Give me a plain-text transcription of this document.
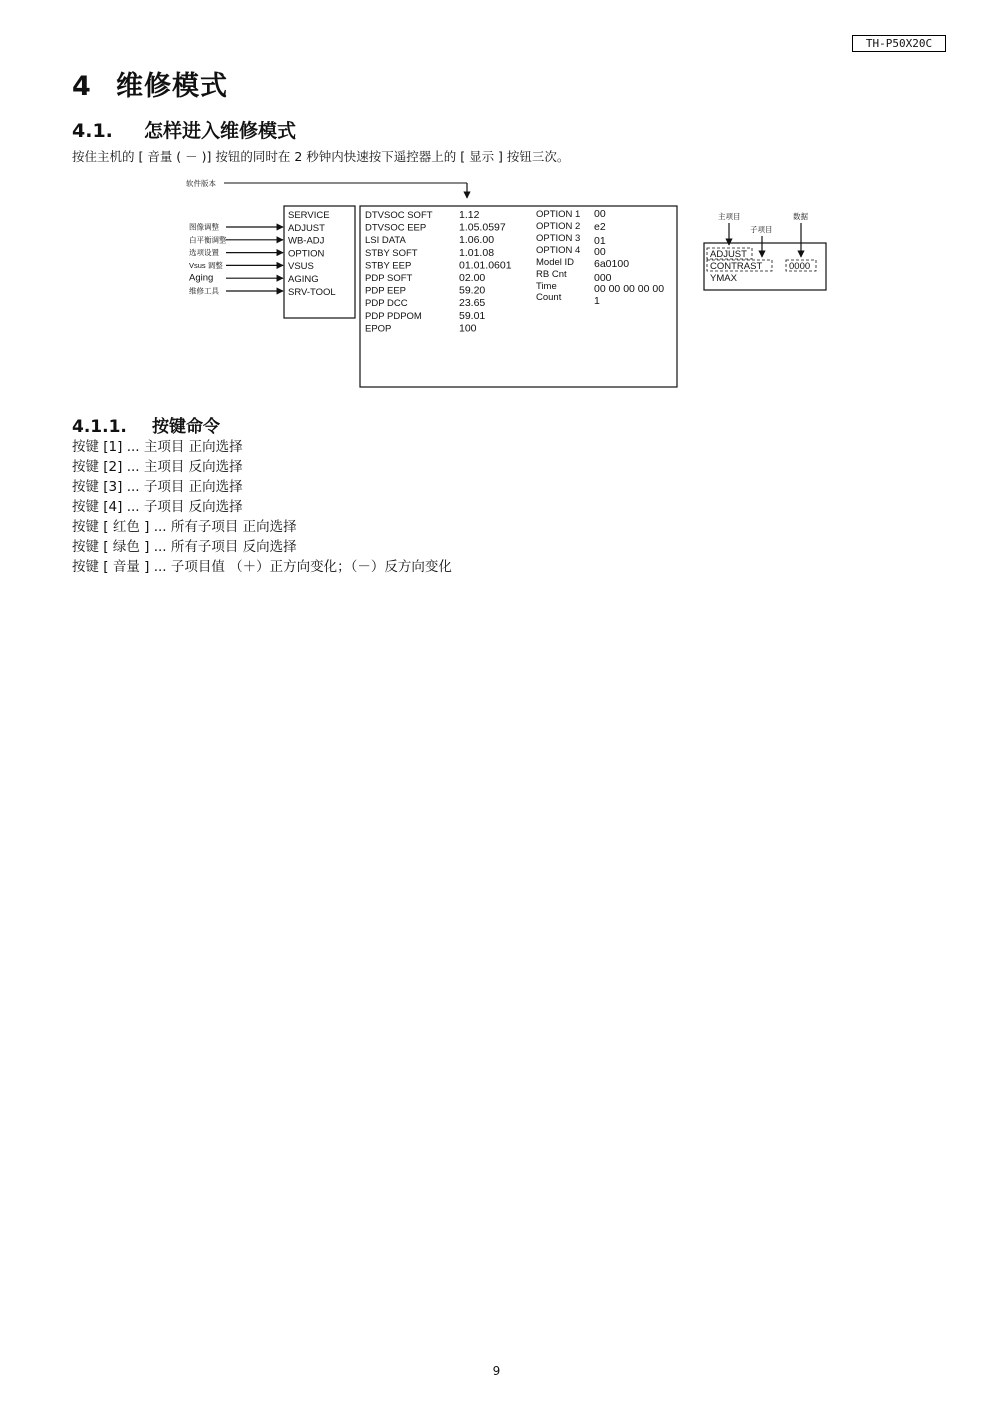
TH-P50X20C
4 维修模式
4.1. 怎样进入维修模式
按住主机的 [ 音量 ( － )] 按钮的同时在 2 秒钟内快速按下遥控器上的 [ 显示 ] 按钮三次。
软件版本
SERVICE
ADJUST
WB-ADJ
OPTION
VSUS
AGING
SRV-TOOL
图像调整
白平衡调整
选项设置
Vsus 调整
Aging
维修工具
DTVSOC SOFT	1.12
DTVSOC EEP	1.05.0597
LSI DATA	1.06.00
STBY SOFT	1.01.08
STBY EEP	01.01.0601
PDP SOFT	02.00
PDP EEP	59.20
PDP DCC	23.65
PDP PDPOM	59.01
EPOP	100
OPTION 1 00
OPTION 2 e2
OPTION 3 01
OPTION 4 00
Model ID 6a0100
RB Cnt	000
Time	00 00 00 00 00
Count	1
主项目
子项目
数据
ADJUST
CONTRAST
YMAX
0000
4.1.1. 按键命令
按键 [1] ... 主项目 正向选择
按键 [2] ... 主项目 反向选择
按键 [3] ... 子项目 正向选择
按键 [4] ... 子项目 反向选择
按键 [ 红色 ] ... 所有子项目 正向选择
按键 [ 绿色 ] ... 所有子项目 反向选择
按键 [ 音量 ] ... 子项目值 （＋）正方向变化；（－）反方向变化
9
